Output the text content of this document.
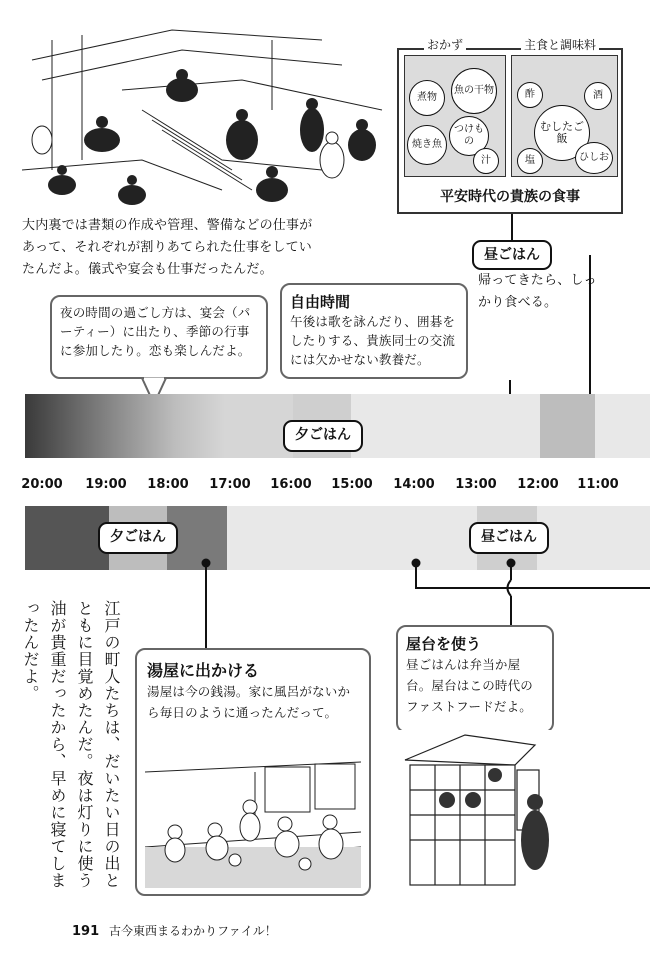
大内裏では書類の作成や管理、警備などの仕事があって、それぞれが割りあてられた仕事をしていたんだよ。儀式や宴会も仕事だったんだ。
おかず	主食と調味料
煮物
魚の干物
つけもの
焼き魚
汁
酢	酒
むしたご飯
塩	ひしお
平安時代の貴族の食事
昼ごはん
帰ってきたら、しっかり食べる。
自由時間
午後は歌を詠んだり、囲碁をしたりする、貴族同士の交流には欠かせない教養だ。
夜の時間の過ごし方は、宴会（パーティー）に出たり、季節の行事に参加したり。恋も楽しんだよ。
夕ごはん
20:00 19:00 18:00 17:00 16:00 15:00 14:00 13:00 12:00 11:00
夕ごはん	昼ごはん
屋台を使う
昼ごはんは弁当か屋台。屋台はこの時代のファストフードだよ。
湯屋に出かける
湯屋は今の銭湯。家に風呂がないから毎日のように通ったんだって。
江戸の町人たちは、だいたい日の出とともに目覚めたんだ。夜は灯りに使う油が貴重だったから、早めに寝てしまったんだよ。
191 古今東西まるわかりファイル！
